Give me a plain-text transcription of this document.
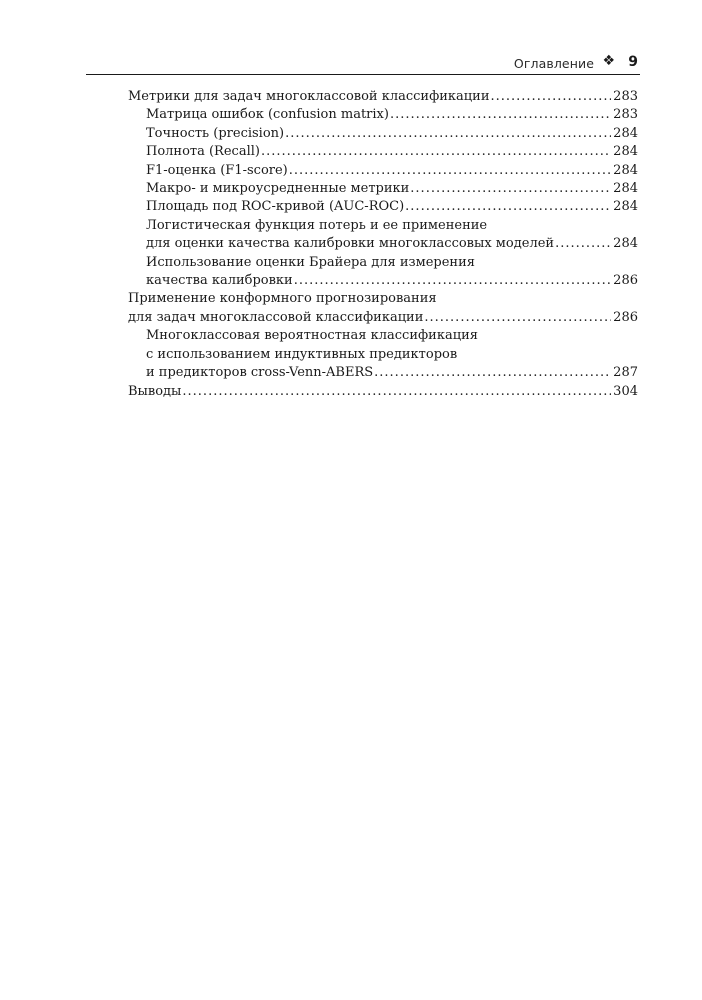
Оглавление ❖ 9
Метрики для задач многоклассовой классификации .....	283
Матрица ошибок (confusion matrix) .....	283
Точность (precision) .....	284
Полнота (Recall) .....	284
F1-оценка (F1-score) .....	284
Макро- и микроусредненные метрики .....	284
Площадь под ROC-кривой (AUC-ROC) .....	284
Логистическая функция потерь и ее применение
для оценки качества калибровки многоклассовых моделей .....	284
Использование оценки Брайера для измерения
качества калибровки .....	286
Применение конформного прогнозирования
для задач многоклассовой классификации .....	286
Многоклассовая вероятностная классификация
с использованием индуктивных предикторов
и предикторов cross-Venn-ABERS .....	287
Выводы .....	304
